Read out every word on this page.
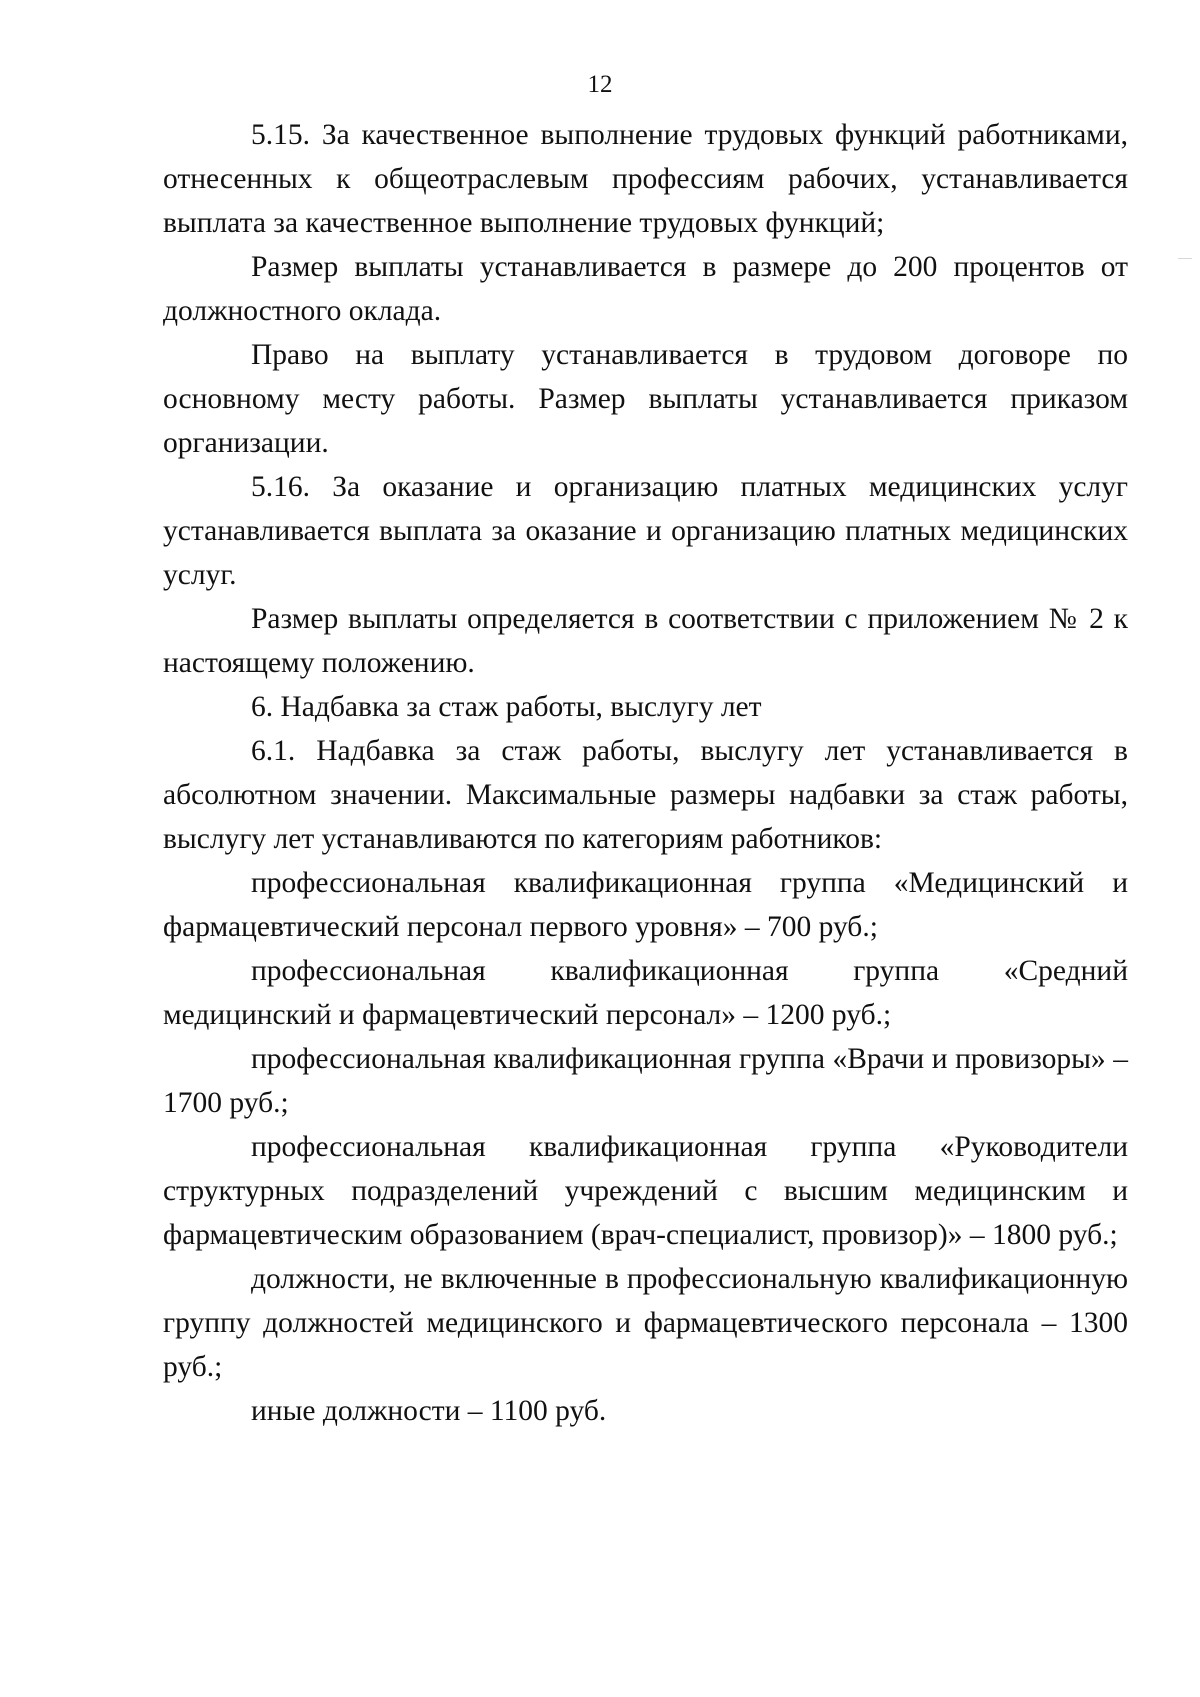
12

5.15. За качественное выполнение трудовых функций работниками, отнесенных к общеотраслевым профессиям рабочих, устанавливается выплата за качественное выполнение трудовых функций;

Размер выплаты устанавливается в размере до 200 процентов от должностного оклада.

Право на выплату устанавливается в трудовом договоре по основному месту работы. Размер выплаты устанавливается приказом организации.

5.16. За оказание и организацию платных медицинских услуг устанавливается выплата за оказание и организацию платных медицинских услуг.

Размер выплаты определяется в соответствии с приложением № 2 к настоящему положению.

6. Надбавка за стаж работы, выслугу лет

6.1. Надбавка за стаж работы, выслугу лет устанавливается в абсолютном значении. Максимальные размеры надбавки за стаж работы, выслугу лет устанавливаются по категориям работников:

профессиональная квалификационная группа «Медицинский и фармацевтический персонал первого уровня» – 700 руб.;

профессиональная квалификационная группа «Средний медицинский и фармацевтический персонал» – 1200 руб.;

профессиональная квалификационная группа «Врачи и провизоры» – 1700 руб.;

профессиональная квалификационная группа «Руководители структурных подразделений учреждений с высшим медицинским и фармацевтическим образованием (врач-специалист, провизор)» – 1800 руб.;

должности, не включенные в профессиональную квалификационную группу должностей медицинского и фармацевтического персонала – 1300 руб.;

иные должности – 1100 руб.
